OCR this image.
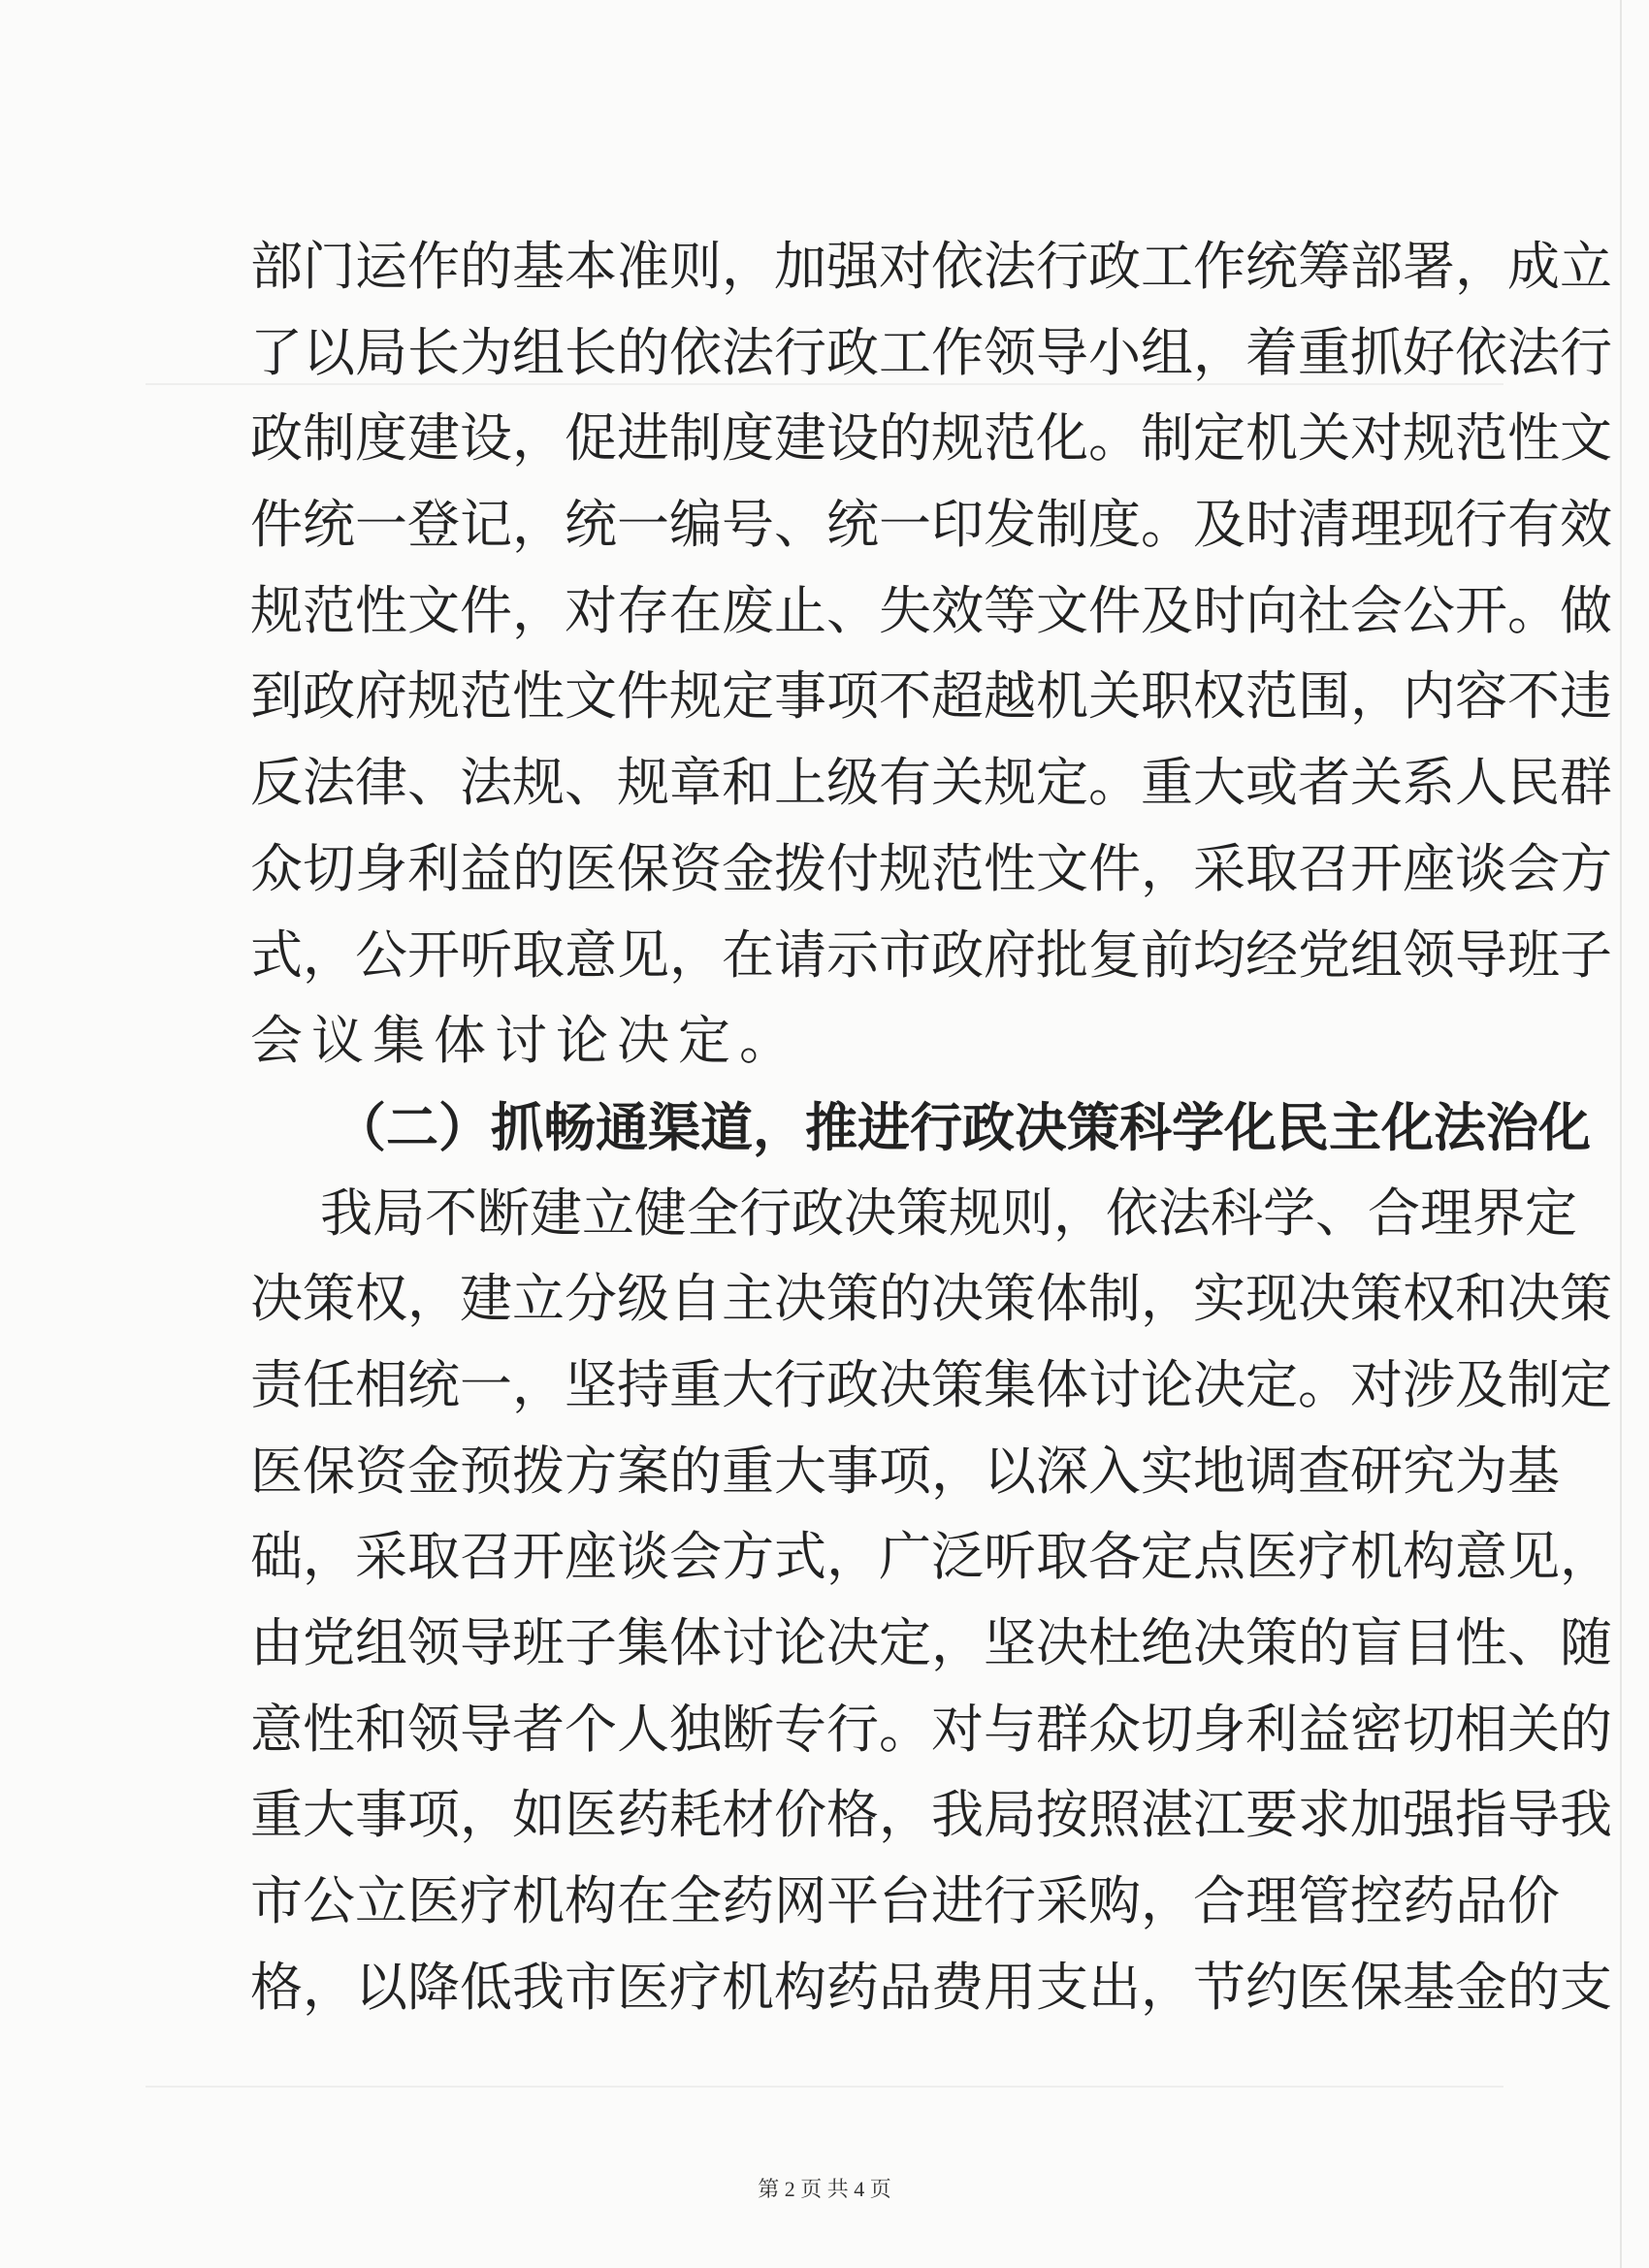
部门运作的基本准则，加强对依法行政工作统筹部署，成立
了以局长为组长的依法行政工作领导小组，着重抓好依法行
政制度建设，促进制度建设的规范化。制定机关对规范性文
件统一登记，统一编号、统一印发制度。及时清理现行有效
规范性文件，对存在废止、失效等文件及时向社会公开。做
到政府规范性文件规定事项不超越机关职权范围，内容不违
反法律、法规、规章和上级有关规定。重大或者关系人民群
众切身利益的医保资金拨付规范性文件，采取召开座谈会方
式，公开听取意见，在请示市政府批复前均经党组领导班子
会议集体讨论决定。
（二）抓畅通渠道，推进行政决策科学化民主化法治化
我局不断建立健全行政决策规则，依法科学、合理界定
决策权，建立分级自主决策的决策体制，实现决策权和决策
责任相统一，坚持重大行政决策集体讨论决定。对涉及制定
医保资金预拨方案的重大事项，以深入实地调查研究为基
础，采取召开座谈会方式，广泛听取各定点医疗机构意见，
由党组领导班子集体讨论决定，坚决杜绝决策的盲目性、随
意性和领导者个人独断专行。对与群众切身利益密切相关的
重大事项，如医药耗材价格，我局按照湛江要求加强指导我
市公立医疗机构在全药网平台进行采购，合理管控药品价
格，以降低我市医疗机构药品费用支出，节约医保基金的支
第 2 页 共 4 页
